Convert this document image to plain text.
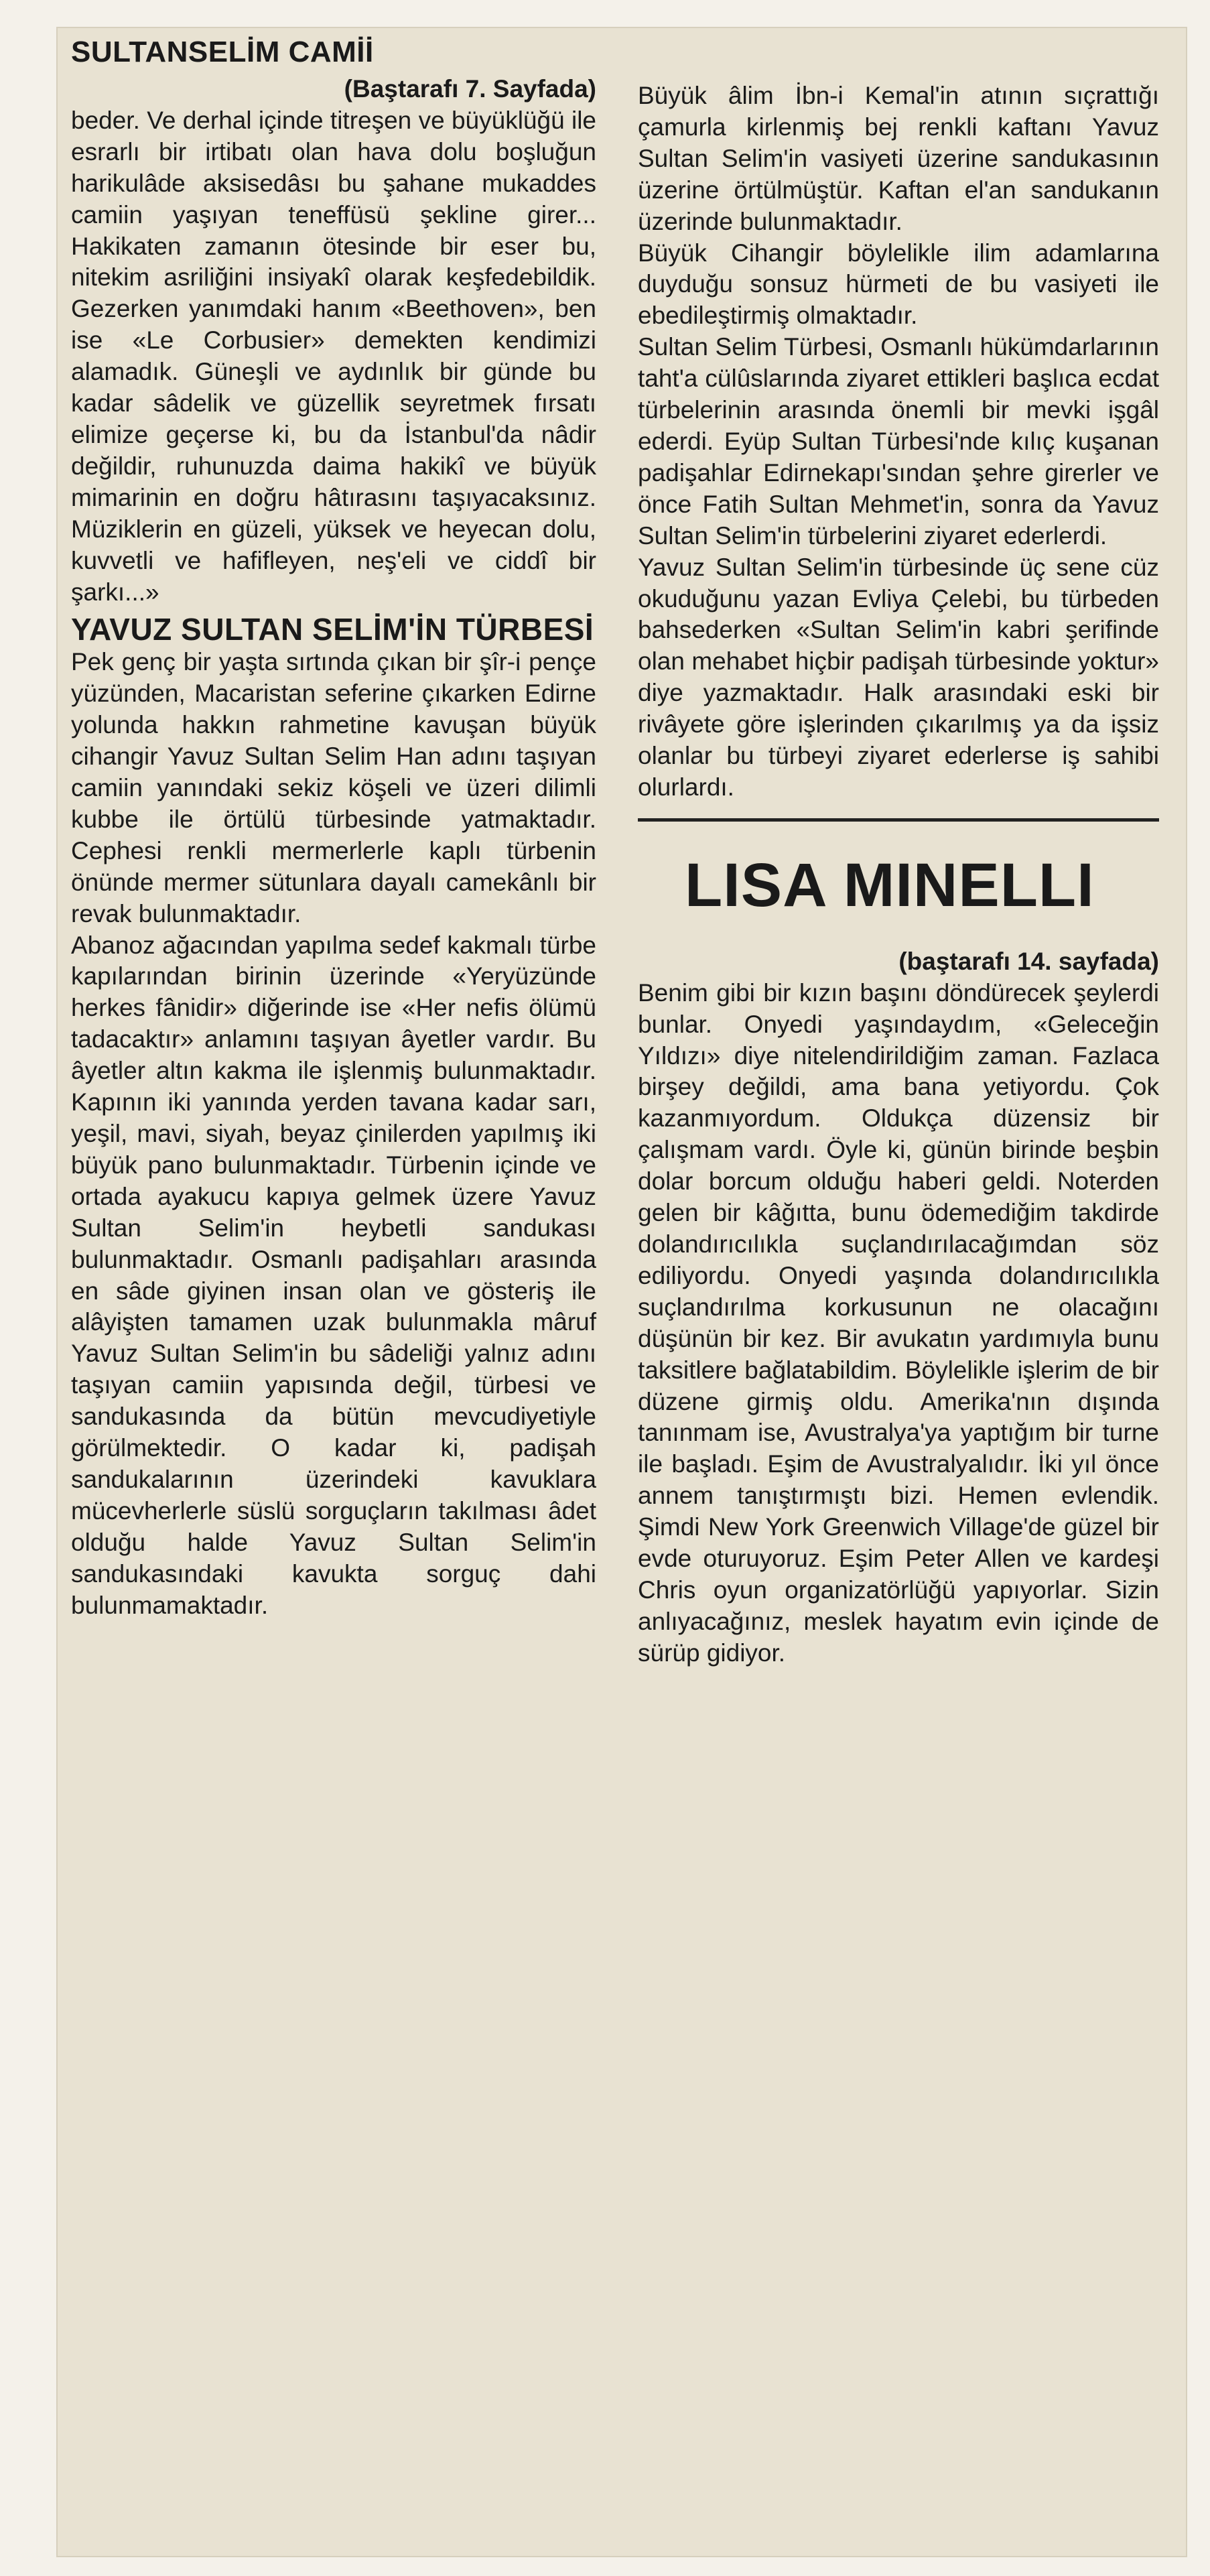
SULTANSELİM CAMİİ

(Baştarafı 7. Sayfada)

beder. Ve derhal içinde titreşen ve büyüklüğü ile esrarlı bir irtibatı olan hava dolu boşluğun harikulâde aksisedâsı bu şahane mukaddes camiin yaşıyan teneffüsü şekline girer... Hakikaten zamanın ötesinde bir eser bu, nitekim asriliğini insiyakî olarak keşfedebildik. Gezerken yanımdaki hanım «Beethoven», ben ise «Le Corbusier» demekten kendimizi alamadık. Güneşli ve aydınlık bir günde bu kadar sâdelik ve güzellik seyretmek fırsatı elimize geçerse ki, bu da İstanbul'da nâdir değildir, ruhunuzda daima hakikî ve büyük mimarinin en doğru hâtırasını taşıyacaksınız. Müziklerin en güzeli, yüksek ve heyecan dolu, kuvvetli ve hafifleyen, neş'eli ve ciddî bir şarkı...»

YAVUZ SULTAN SELİM'İN TÜRBESİ

Pek genç bir yaşta sırtında çıkan bir şîr-i pençe yüzünden, Macaristan seferine çıkarken Edirne yolunda hakkın rahmetine kavuşan büyük cihangir Yavuz Sultan Selim Han adını taşıyan camiin yanındaki sekiz köşeli ve üzeri dilimli kubbe ile örtülü türbesinde yatmaktadır. Cephesi renkli mermerlerle kaplı türbenin önünde mermer sütunlara dayalı camekânlı bir revak bulunmaktadır.

Abanoz ağacından yapılma sedef kakmalı türbe kapılarından birinin üzerinde «Yeryüzünde herkes fânidir» diğerinde ise «Her nefis ölümü tadacaktır» anlamını taşıyan âyetler vardır. Bu âyetler altın kakma ile işlenmiş bulunmaktadır. Kapının iki yanında yerden tavana kadar sarı, yeşil, mavi, siyah, beyaz çinilerden yapılmış iki büyük pano bulunmaktadır. Türbenin içinde ve ortada ayakucu kapıya gelmek üzere Yavuz Sultan Selim'in heybetli sandukası bulunmaktadır. Osmanlı padişahları arasında en sâde giyinen insan olan ve gösteriş ile alâyişten tamamen uzak bulunmakla mâruf Yavuz Sultan Selim'in bu sâdeliği yalnız adını taşıyan camiin yapısında değil, türbesi ve sandukasında da bütün mevcudiyetiyle görülmektedir. O kadar ki, padişah sandukalarının üzerindeki kavuklara mücevherlerle süslü sorguçların takılması âdet olduğu halde Yavuz Sultan Selim'in sandukasındaki kavukta sorguç dahi bulunmamaktadır.

Büyük âlim İbn-i Kemal'in atının sıçrattığı çamurla kirlenmiş bej renkli kaftanı Yavuz Sultan Selim'in vasiyeti üzerine sandukasının üzerine örtülmüştür. Kaftan el'an sandukanın üzerinde bulunmaktadır.

Büyük Cihangir böylelikle ilim adamlarına duyduğu sonsuz hürmeti de bu vasiyeti ile ebedileştirmiş olmaktadır.

Sultan Selim Türbesi, Osmanlı hükümdarlarının taht'a cülûslarında ziyaret ettikleri başlıca ecdat türbelerinin arasında önemli bir mevki işgâl ederdi. Eyüp Sultan Türbesi'nde kılıç kuşanan padişahlar Edirnekapı'sından şehre girerler ve önce Fatih Sultan Mehmet'in, sonra da Yavuz Sultan Selim'in türbelerini ziyaret ederlerdi.

Yavuz Sultan Selim'in türbesinde üç sene cüz okuduğunu yazan Evliya Çelebi, bu türbeden bahsederken «Sultan Selim'in kabri şerifinde olan mehabet hiçbir padişah türbesinde yoktur» diye yazmaktadır. Halk arasındaki eski bir rivâyete göre işlerinden çıkarılmış ya da işsiz olanlar bu türbeyi ziyaret ederlerse iş sahibi olurlardı.

LISA MINELLI

(baştarafı 14. sayfada)

Benim gibi bir kızın başını döndürecek şeylerdi bunlar. Onyedi yaşındaydım, «Geleceğin Yıldızı» diye nitelendirildiğim zaman. Fazlaca birşey değildi, ama bana yetiyordu. Çok kazanmıyordum. Oldukça düzensiz bir çalışmam vardı. Öyle ki, günün birinde beşbin dolar borcum olduğu haberi geldi. Noterden gelen bir kâğıtta, bunu ödemediğim takdirde dolandırıcılıkla suçlandırılacağımdan söz ediliyordu. Onyedi yaşında dolandırıcılıkla suçlandırılma korkusunun ne olacağını düşünün bir kez. Bir avukatın yardımıyla bunu taksitlere bağlatabildim. Böylelikle işlerim de bir düzene girmiş oldu. Amerika'nın dışında tanınmam ise, Avustralya'ya yaptığım bir turne ile başladı. Eşim de Avustralyalıdır. İki yıl önce annem tanıştırmıştı bizi. Hemen evlendik. Şimdi New York Greenwich Village'de güzel bir evde oturuyoruz. Eşim Peter Allen ve kardeşi Chris oyun organizatörlüğü yapıyorlar. Sizin anlıyacağınız, meslek hayatım evin içinde de sürüp gidiyor.
